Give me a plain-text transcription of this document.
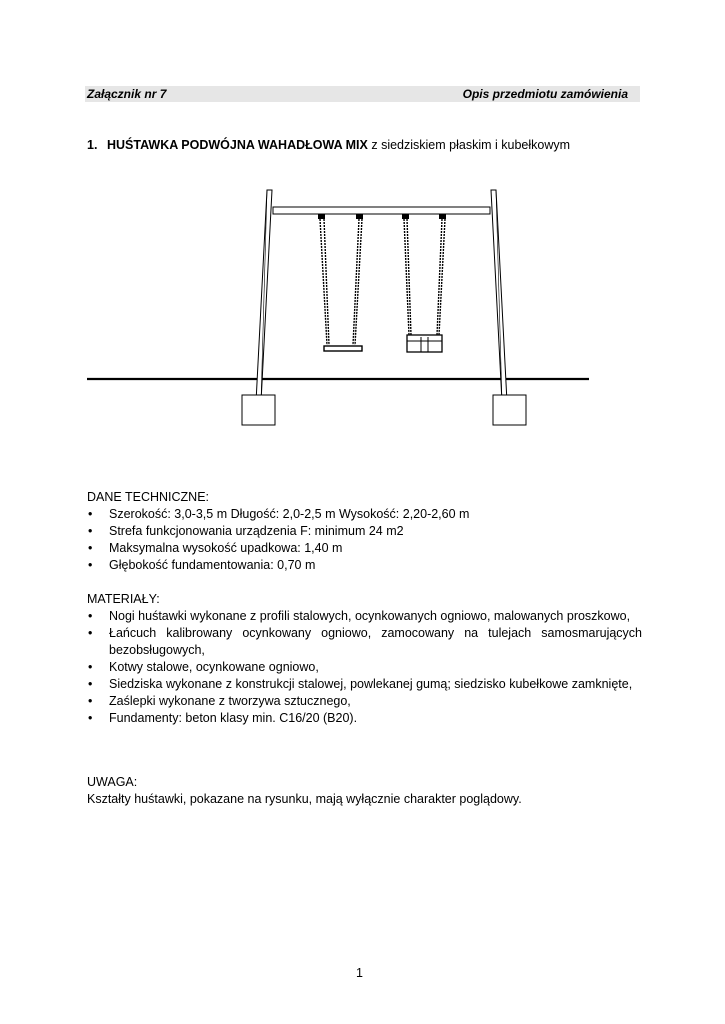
Załącznik nr 7	Opis przedmiotu zamówienia
1. HUŚTAWKA PODWÓJNA WAHADŁOWA MIX z siedziskiem płaskim i kubełkowym
DANE TECHNICZNE:
• Szerokość: 3,0-3,5 m Długość: 2,0-2,5 m Wysokość: 2,20-2,60 m
• Strefa funkcjonowania urządzenia F: minimum 24 m2
• Maksymalna wysokość upadkowa: 1,40 m
• Głębokość fundamentowania: 0,70 m
MATERIAŁY:
• Nogi huśtawki wykonane z profili stalowych, ocynkowanych ogniowo, malowanych proszkowo,
• Łańcuch kalibrowany ocynkowany ogniowo, zamocowany na tulejach samosmarujących bezobsługowych,
• Kotwy stalowe, ocynkowane ogniowo,
• Siedziska wykonane z konstrukcji stalowej, powlekanej gumą; siedzisko kubełkowe zamknięte,
• Zaślepki wykonane z tworzywa sztucznego,
• Fundamenty: beton klasy min. C16/20 (B20).
UWAGA:
Kształty huśtawki, pokazane na rysunku, mają wyłącznie charakter poglądowy.
1
